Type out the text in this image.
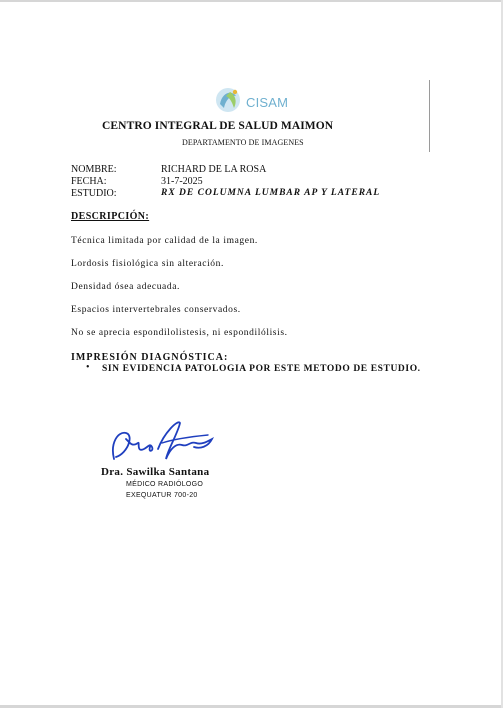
CISAM
CENTRO INTEGRAL DE SALUD MAIMON
DEPARTAMENTO DE IMAGENES
NOMBRE:	RICHARD DE LA ROSA
FECHA:	31-7-2025
ESTUDIO:	RX DE COLUMNA LUMBAR AP Y LATERAL
DESCRIPCIÓN:
Técnica limitada por calidad de la imagen.
Lordosis fisiológica sin alteración.
Densidad ósea adecuada.
Espacios intervertebrales conservados.
No se aprecia espondilolistesis, ni espondilólisis.
IMPRESIÓN DIAGNÓSTICA:
• SIN EVIDENCIA PATOLOGIA POR ESTE METODO DE ESTUDIO.
Dra. Sawilka Santana
MÉDICO RADIÓLOGO
EXEQUATUR 700-20
